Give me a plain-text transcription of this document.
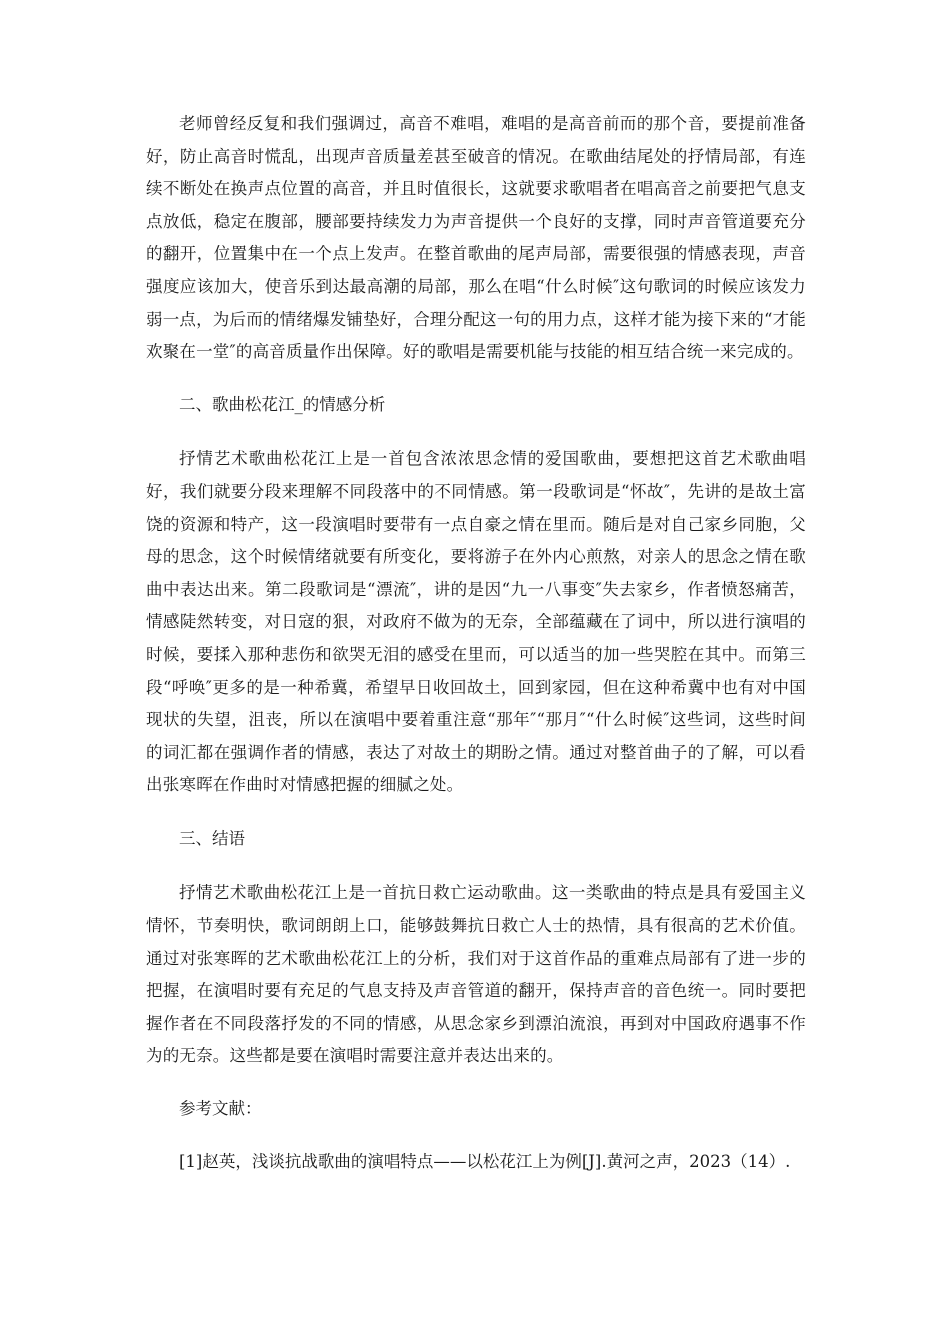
老师曾经反复和我们强调过，高音不难唱，难唱的是高音前而的那个音，要提前准备好，防止高音时慌乱，出现声音质量差甚至破音的情况。在歌曲结尾处的抒情局部，有连续不断处在换声点位置的高音，并且时值很长，这就要求歌唱者在唱高音之前要把气息支点放低，稳定在腹部，腰部要持续发力为声音提供一个良好的支撑，同时声音管道要充分的翻开，位置集中在一个点上发声。在整首歌曲的尾声局部，需要很强的情感表现，声音强度应该加大，使音乐到达最高潮的局部，那么在唱“什么时候″这句歌词的时候应该发力弱一点，为后而的情绪爆发铺垫好，合理分配这一句的用力点，这样才能为接下来的“才能欢聚在一堂″的高音质量作出保障。好的歌唱是需要机能与技能的相互结合统一来完成的。

二、歌曲松花江_的情感分析

抒情艺术歌曲松花江上是一首包含浓浓思念情的爱国歌曲，要想把这首艺术歌曲唱好，我们就要分段来理解不同段落中的不同情感。第一段歌词是“怀故″，先讲的是故土富饶的资源和特产，这一段演唱时要带有一点自豪之情在里而。随后是对自己家乡同胞，父母的思念，这个时候情绪就要有所变化，要将游子在外内心煎熬，对亲人的思念之情在歌曲中表达出来。第二段歌词是“漂流″，讲的是因“九一八事变″失去家乡，作者愤怒痛苦，情感陡然转变，对日寇的狠，对政府不做为的无奈，全部蕴藏在了词中，所以进行演唱的时候，要揉入那种悲伤和欲哭无泪的感受在里而，可以适当的加一些哭腔在其中。而第三段“呼唤″更多的是一种希冀，希望早日收回故土，回到家园，但在这种希冀中也有对中国现状的失望，沮丧，所以在演唱中要着重注意“那年″“那月″“什么时候″这些词，这些时间的词汇都在强调作者的情感，表达了对故土的期盼之情。通过对整首曲子的了解，可以看出张寒晖在作曲时对情感把握的细腻之处。

三、结语

抒情艺术歌曲松花江上是一首抗日救亡运动歌曲。这一类歌曲的特点是具有爱国主义情怀，节奏明快，歌词朗朗上口，能够鼓舞抗日救亡人士的热情，具有很高的艺术价值。通过对张寒晖的艺术歌曲松花江上的分析，我们对于这首作品的重难点局部有了进一步的把握，在演唱时要有充足的气息支持及声音管道的翻开，保持声音的音色统一。同时要把握作者在不同段落抒发的不同的情感，从思念家乡到漂泊流浪，再到对中国政府遇事不作为的无奈。这些都是要在演唱时需要注意并表达出来的。

参考文献：

[1]赵英，浅谈抗战歌曲的演唱特点——以松花江上为例[J].黄河之声，2023（14）.
